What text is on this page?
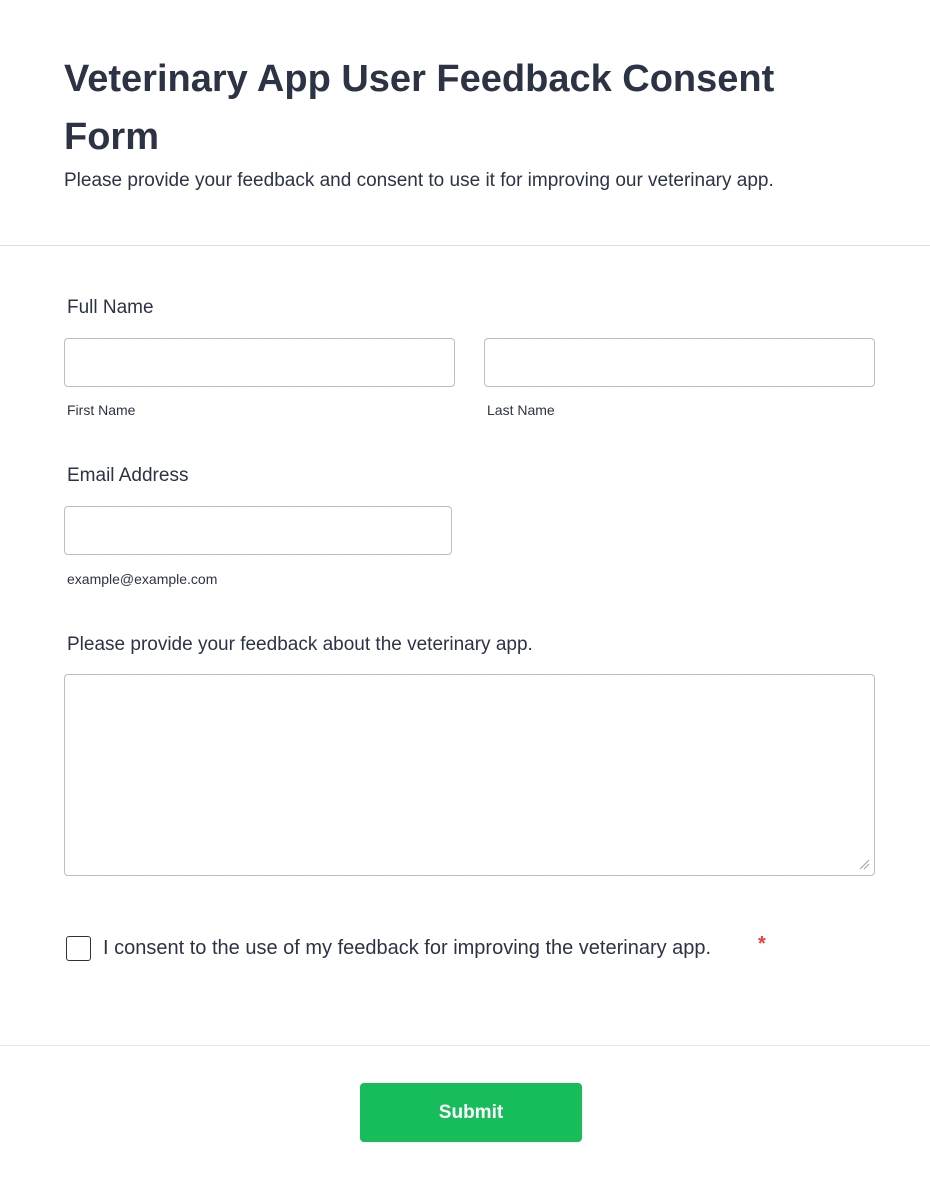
Veterinary App User Feedback Consent Form

Please provide your feedback and consent to use it for improving our veterinary app.

Full Name
First Name	Last Name
Email Address
example@example.com
Please provide your feedback about the veterinary app.
I consent to the use of my feedback for improving the veterinary app. *
Submit
